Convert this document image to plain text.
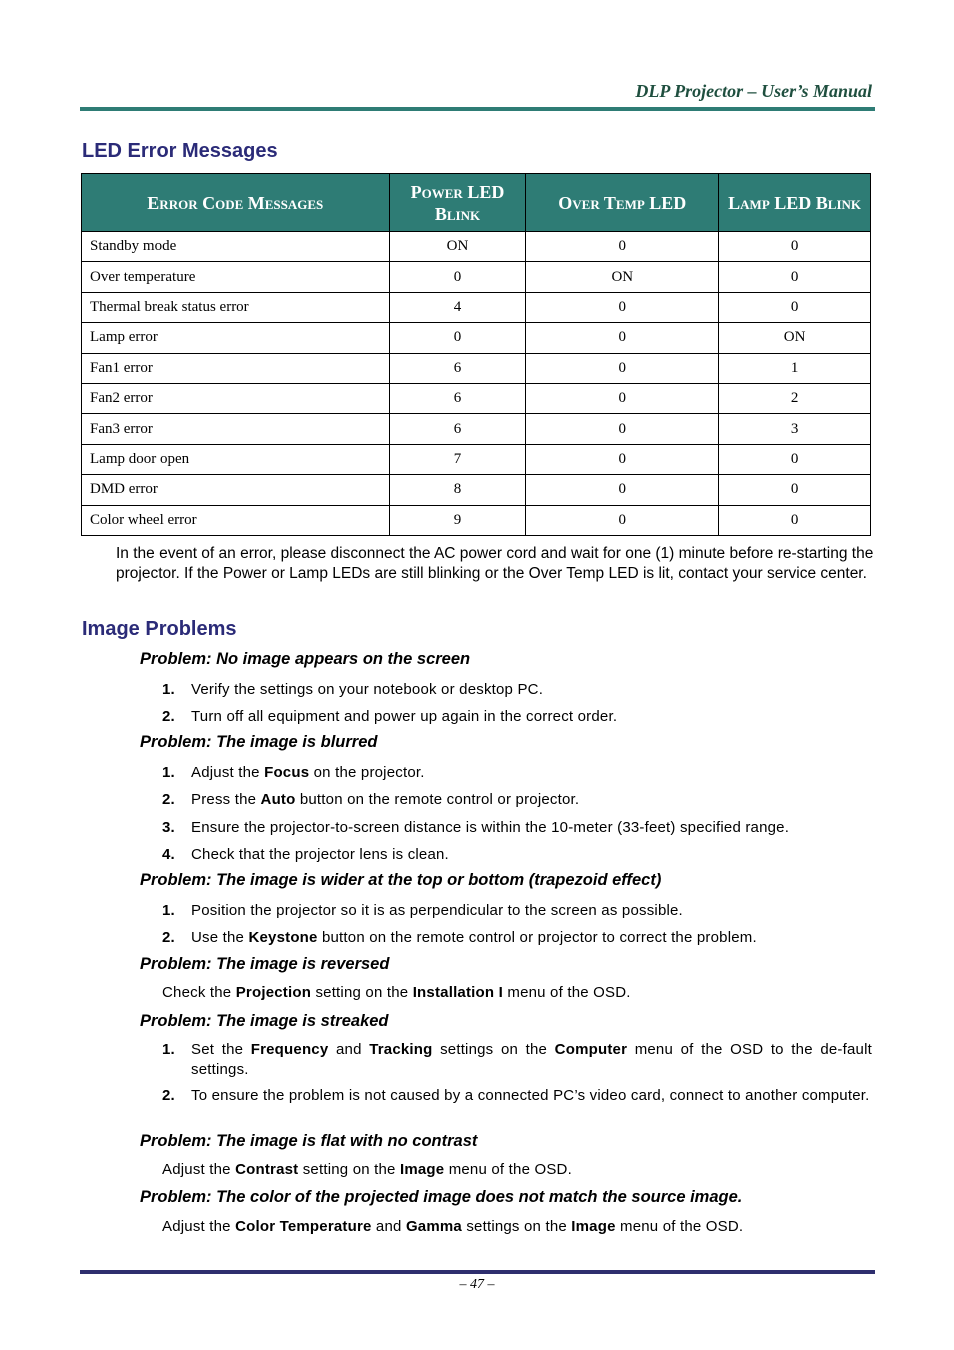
DLP Projector – User’s Manual
LED Error Messages
Error Code Messages	Power LED Blink	Over Temp LED	Lamp LED Blink
Standby mode	ON	0	0
Over temperature	0	ON	0
Thermal break status error	4	0	0
Lamp error	0	0	ON
Fan1 error	6	0	1
Fan2 error	6	0	2
Fan3 error	6	0	3
Lamp door open	7	0	0
DMD error	8	0	0
Color wheel error	9	0	0

In the event of an error, please disconnect the AC power cord and wait for one (1) minute before re-starting the projector. If the Power or Lamp LEDs are still blinking or the Over Temp LED is lit, contact your service center.

Image Problems

Problem: No image appears on the screen

1. Verify the settings on your notebook or desktop PC.
2. Turn off all equipment and power up again in the correct order.

Problem: The image is blurred

1. Adjust the Focus on the projector.
2. Press the Auto button on the remote control or projector.
3. Ensure the projector-to-screen distance is within the 10-meter (33-feet) specified range.
4. Check that the projector lens is clean.

Problem: The image is wider at the top or bottom (trapezoid effect)

1. Position the projector so it is as perpendicular to the screen as possible.
2. Use the Keystone button on the remote control or projector to correct the problem.

Problem: The image is reversed

Check the Projection setting on the Installation I menu of the OSD.

Problem: The image is streaked

1. Set the Frequency and Tracking settings on the Computer menu of the OSD to the de-fault settings.
2. To ensure the problem is not caused by a connected PC’s video card, connect to another computer.

Problem: The image is flat with no contrast

Adjust the Contrast setting on the Image menu of the OSD.

Problem: The color of the projected image does not match the source image.

Adjust the Color Temperature and Gamma settings on the Image menu of the OSD.
– 47 –
